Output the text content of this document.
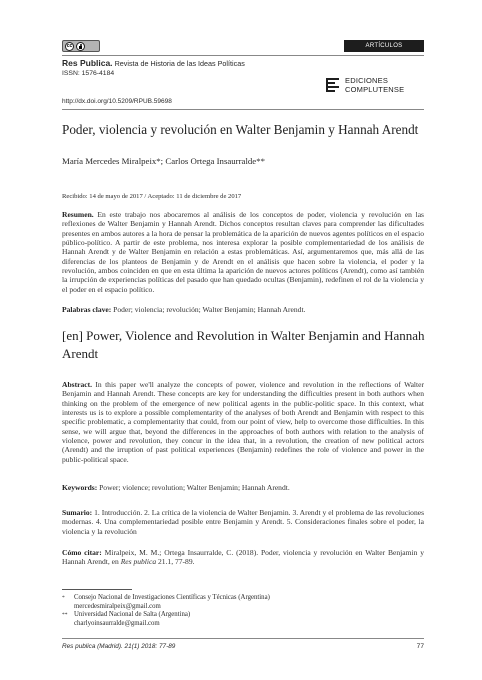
cc	ARTÍCULOS
Res Publica. Revista de Historia de las Ideas Políticas
ISSN: 1576-4184
http://dx.doi.org/10.5209/RPUB.59698
EDICIONES
COMPLUTENSE
Poder, violencia y revolución en Walter Benjamin y Hannah Arendt
María Mercedes Miralpeix*; Carlos Ortega Insaurralde**
Recibido: 14 de mayo de 2017 / Aceptado: 11 de diciembre de 2017
Resumen. En este trabajo nos abocaremos al análisis de los conceptos de poder, violencia y revolución en las reflexiones de Walter Benjamin y Hannah Arendt. Dichos conceptos resultan claves para comprender las dificultades presentes en ambos autores a la hora de pensar la problemática de la aparición de nuevos agentes políticos en el espacio público-político. A partir de este problema, nos interesa explorar la posible complementariedad de los análisis de Hannah Arendt y de Walter Benjamin en relación a estas problemáticas. Así, argumentaremos que, más allá de las diferencias de los planteos de Benjamin y de Arendt en el análisis que hacen sobre la violencia, el poder y la revolución, ambos coinciden en que en esta última la aparición de nuevos actores políticos (Arendt), como así también la irrupción de experiencias políticas del pasado que han quedado ocultas (Benjamin), redefinen el rol de la violencia y el poder en el espacio político.
Palabras clave: Poder; violencia; revolución; Walter Benjamin; Hannah Arendt.
[en] Power, Violence and Revolution in Walter Benjamin and Hannah Arendt
Abstract. In this paper we'll analyze the concepts of power, violence and revolution in the reflections of Walter Benjamin and Hannah Arendt. These concepts are key for understanding the difficulties present in both authors when thinking on the problem of the emergence of new political agents in the public-politic space. In this context, what interests us is to explore a possible complementarity of the analyses of both Arendt and Benjamin with respect to this specific problematic, a complementarity that could, from our point of view, help to overcome those difficulties. In this sense, we will argue that, beyond the differences in the approaches of both authors with relation to the analysis of violence, power and revolution, they concur in the idea that, in a revolution, the creation of new political actors (Arendt) and the irruption of past political experiences (Benjamin) redefines the role of violence and power in the public-political space.
Keywords: Power; violence; revolution; Walter Benjamin; Hannah Arendt.
Sumario: 1. Introducción. 2. La crítica de la violencia de Walter Benjamin. 3. Arendt y el problema de las revoluciones modernas. 4. Una complementariedad posible entre Benjamin y Arendt. 5. Consideraciones finales sobre el poder, la violencia y la revolución
Cómo citar: Miralpeix, M. M.; Ortega Insaurralde, C. (2018). Poder, violencia y revolución en Walter Benjamin y Hannah Arendt, en Res publica 21.1, 77-89.
*	Consejo Nacional de Investigaciones Científicas y Técnicas (Argentina)
mercedesmiralpeix@gmail.com
** Universidad Nacional de Salta (Argentina)
charlyoinsaurralde@gmail.com
Res publica (Madrid). 21(1) 2018: 77-89	77
